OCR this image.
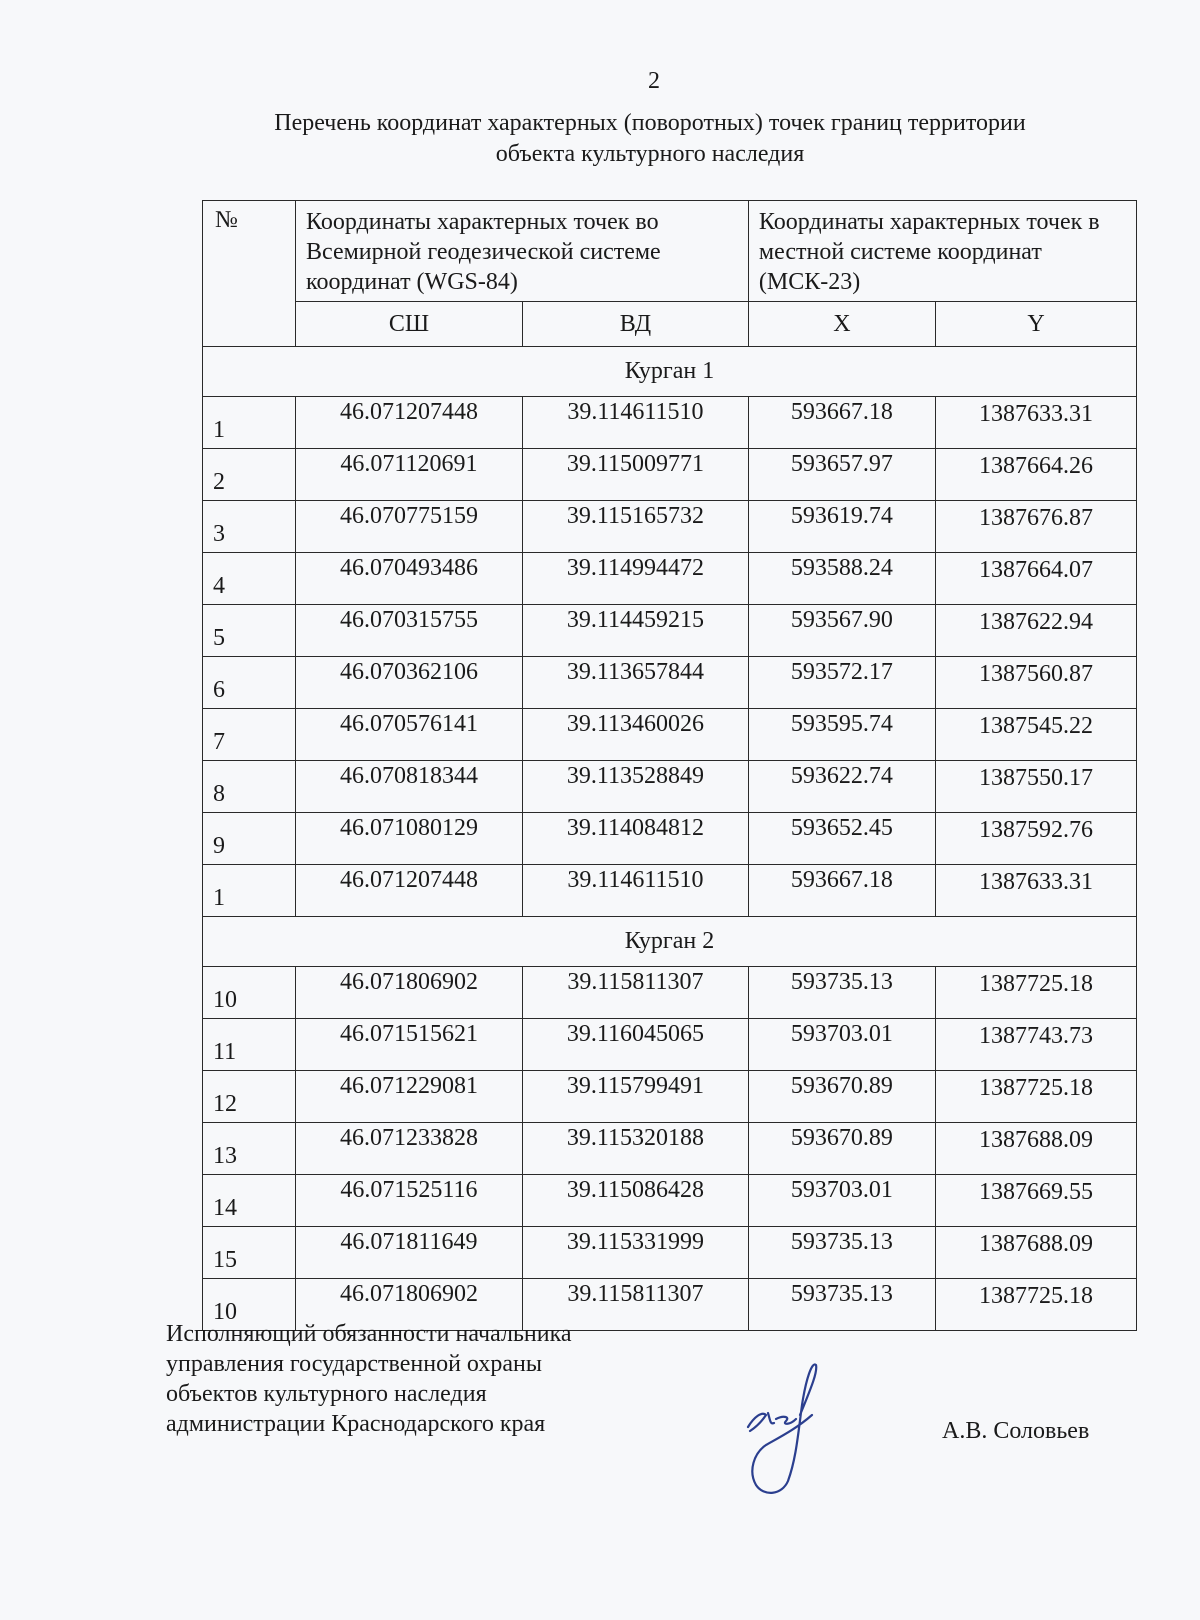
2
Перечень координат характерных (поворотных) точек границ территории
объекта культурного наследия
№	Координаты характерных точек во Всемирной геодезической системе координат (WGS-84)		Координаты характерных точек в местной системе координат (МСК-23)	
	СШ	ВД	X	Y
Курган 1				
1	46.071207448	39.114611510	593667.18	1387633.31
2	46.071120691	39.115009771	593657.97	1387664.26
3	46.070775159	39.115165732	593619.74	1387676.87
4	46.070493486	39.114994472	593588.24	1387664.07
5	46.070315755	39.114459215	593567.90	1387622.94
6	46.070362106	39.113657844	593572.17	1387560.87
7	46.070576141	39.113460026	593595.74	1387545.22
8	46.070818344	39.113528849	593622.74	1387550.17
9	46.071080129	39.114084812	593652.45	1387592.76
1	46.071207448	39.114611510	593667.18	1387633.31
Курган 2				
10	46.071806902	39.115811307	593735.13	1387725.18
11	46.071515621	39.116045065	593703.01	1387743.73
12	46.071229081	39.115799491	593670.89	1387725.18
13	46.071233828	39.115320188	593670.89	1387688.09
14	46.071525116	39.115086428	593703.01	1387669.55
15	46.071811649	39.115331999	593735.13	1387688.09
10	46.071806902	39.115811307	593735.13	1387725.18
Исполняющий обязанности начальника
управления государственной охраны
объектов культурного наследия
администрации Краснодарского края	А.В. Соловьев
